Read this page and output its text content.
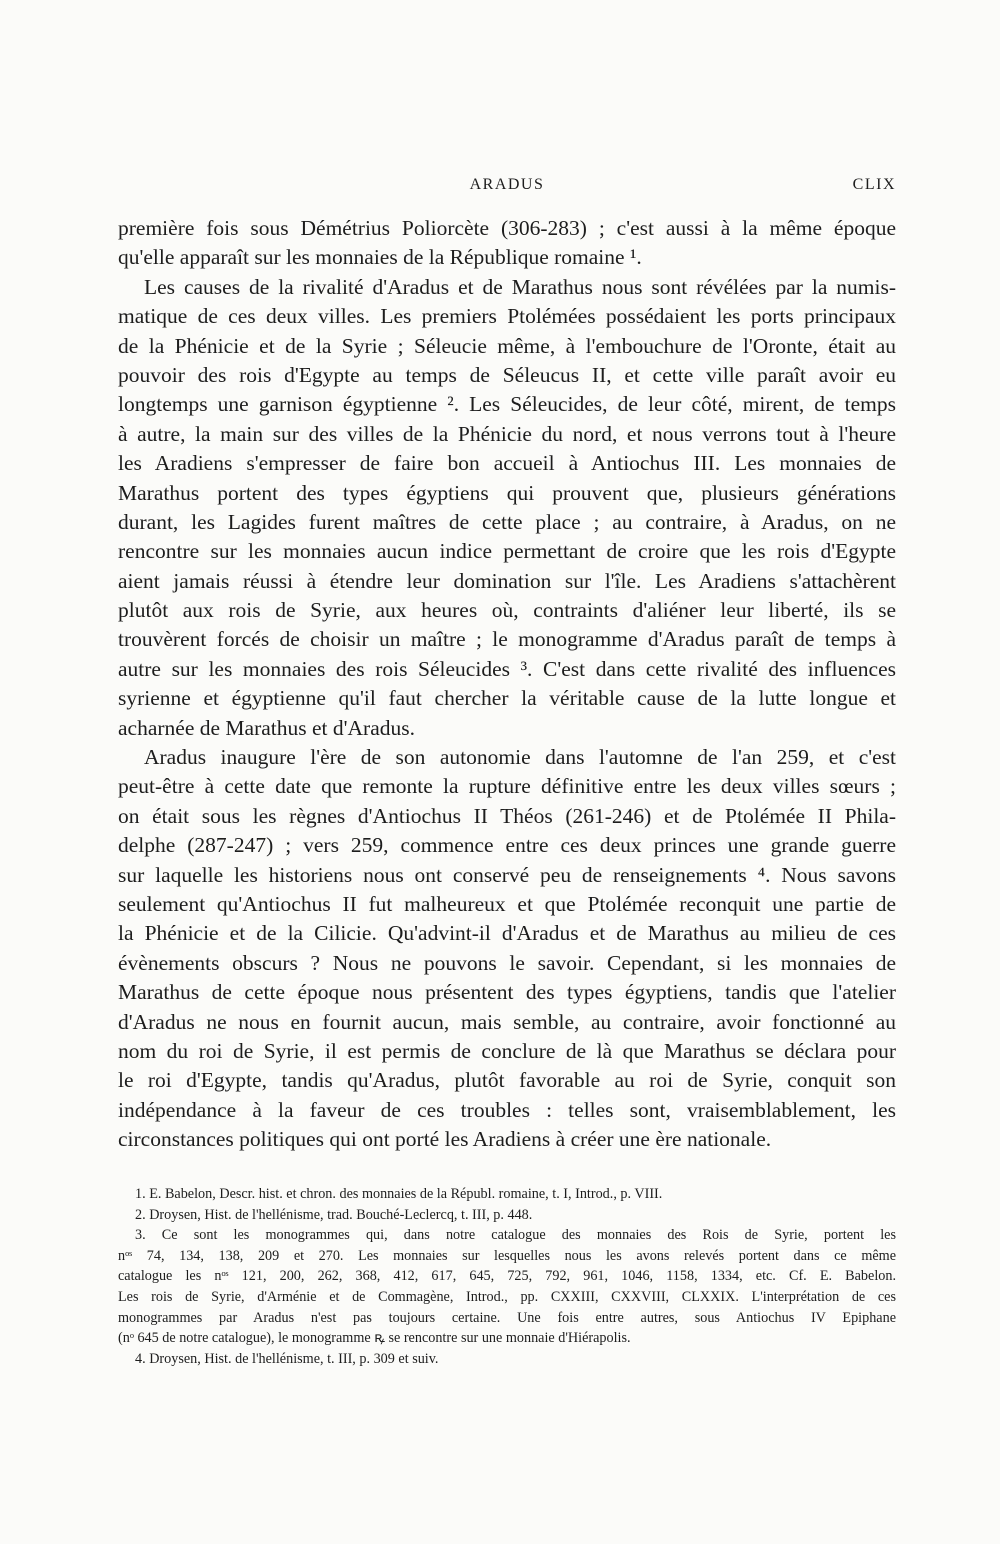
ARADUS	CLIX
première fois sous Démétrius Poliorcète (306-283) ; c'est aussi à la même époque
qu'elle apparaît sur les monnaies de la République romaine ¹.
Les causes de la rivalité d'Aradus et de Marathus nous sont révélées par la numis-
matique de ces deux villes. Les premiers Ptolémées possédaient les ports principaux
de la Phénicie et de la Syrie ; Séleucie même, à l'embouchure de l'Oronte, était au
pouvoir des rois d'Egypte au temps de Séleucus II, et cette ville paraît avoir eu
longtemps une garnison égyptienne ². Les Séleucides, de leur côté, mirent, de temps
à autre, la main sur des villes de la Phénicie du nord, et nous verrons tout à l'heure
les Aradiens s'empresser de faire bon accueil à Antiochus III. Les monnaies de
Marathus portent des types égyptiens qui prouvent que, plusieurs générations
durant, les Lagides furent maîtres de cette place ; au contraire, à Aradus, on ne
rencontre sur les monnaies aucun indice permettant de croire que les rois d'Egypte
aient jamais réussi à étendre leur domination sur l'île. Les Aradiens s'attachèrent
plutôt aux rois de Syrie, aux heures où, contraints d'aliéner leur liberté, ils se
trouvèrent forcés de choisir un maître ; le monogramme d'Aradus paraît de temps à
autre sur les monnaies des rois Séleucides ³. C'est dans cette rivalité des influences
syrienne et égyptienne qu'il faut chercher la véritable cause de la lutte longue et
acharnée de Marathus et d'Aradus.
Aradus inaugure l'ère de son autonomie dans l'automne de l'an 259, et c'est
peut-être à cette date que remonte la rupture définitive entre les deux villes sœurs ;
on était sous les règnes d'Antiochus II Théos (261-246) et de Ptolémée II Phila-
delphe (287-247) ; vers 259, commence entre ces deux princes une grande guerre
sur laquelle les historiens nous ont conservé peu de renseignements ⁴. Nous savons
seulement qu'Antiochus II fut malheureux et que Ptolémée reconquit une partie de
la Phénicie et de la Cilicie. Qu'advint-il d'Aradus et de Marathus au milieu de ces
évènements obscurs ? Nous ne pouvons le savoir. Cependant, si les monnaies de
Marathus de cette époque nous présentent des types égyptiens, tandis que l'atelier
d'Aradus ne nous en fournit aucun, mais semble, au contraire, avoir fonctionné au
nom du roi de Syrie, il est permis de conclure de là que Marathus se déclara pour
le roi d'Egypte, tandis qu'Aradus, plutôt favorable au roi de Syrie, conquit son
indépendance à la faveur de ces troubles : telles sont, vraisemblablement, les
circonstances politiques qui ont porté les Aradiens à créer une ère nationale.
1. E. Babelon, Descr. hist. et chron. des monnaies de la Républ. romaine, t. I, Introd., p. VIII.
2. Droysen, Hist. de l'hellénisme, trad. Bouché-Leclercq, t. III, p. 448.
3. Ce sont les monogrammes qui, dans notre catalogue des monnaies des Rois de Syrie, portent les
nᵒˢ 74, 134, 138, 209 et 270. Les monnaies sur lesquelles nous les avons relevés portent dans ce même
catalogue les nᵒˢ 121, 200, 262, 368, 412, 617, 645, 725, 792, 961, 1046, 1158, 1334, etc. Cf. E. Babelon.
Les rois de Syrie, d'Arménie et de Commagène, Introd., pp. CXXIII, CXXVIII, CLXXIX. L'interprétation de ces
monogrammes par Aradus n'est pas toujours certaine. Une fois entre autres, sous Antiochus IV Epiphane
(nᵒ 645 de notre catalogue), le monogramme ꝶ se rencontre sur une monnaie d'Hiérapolis.
4. Droysen, Hist. de l'hellénisme, t. III, p. 309 et suiv.
